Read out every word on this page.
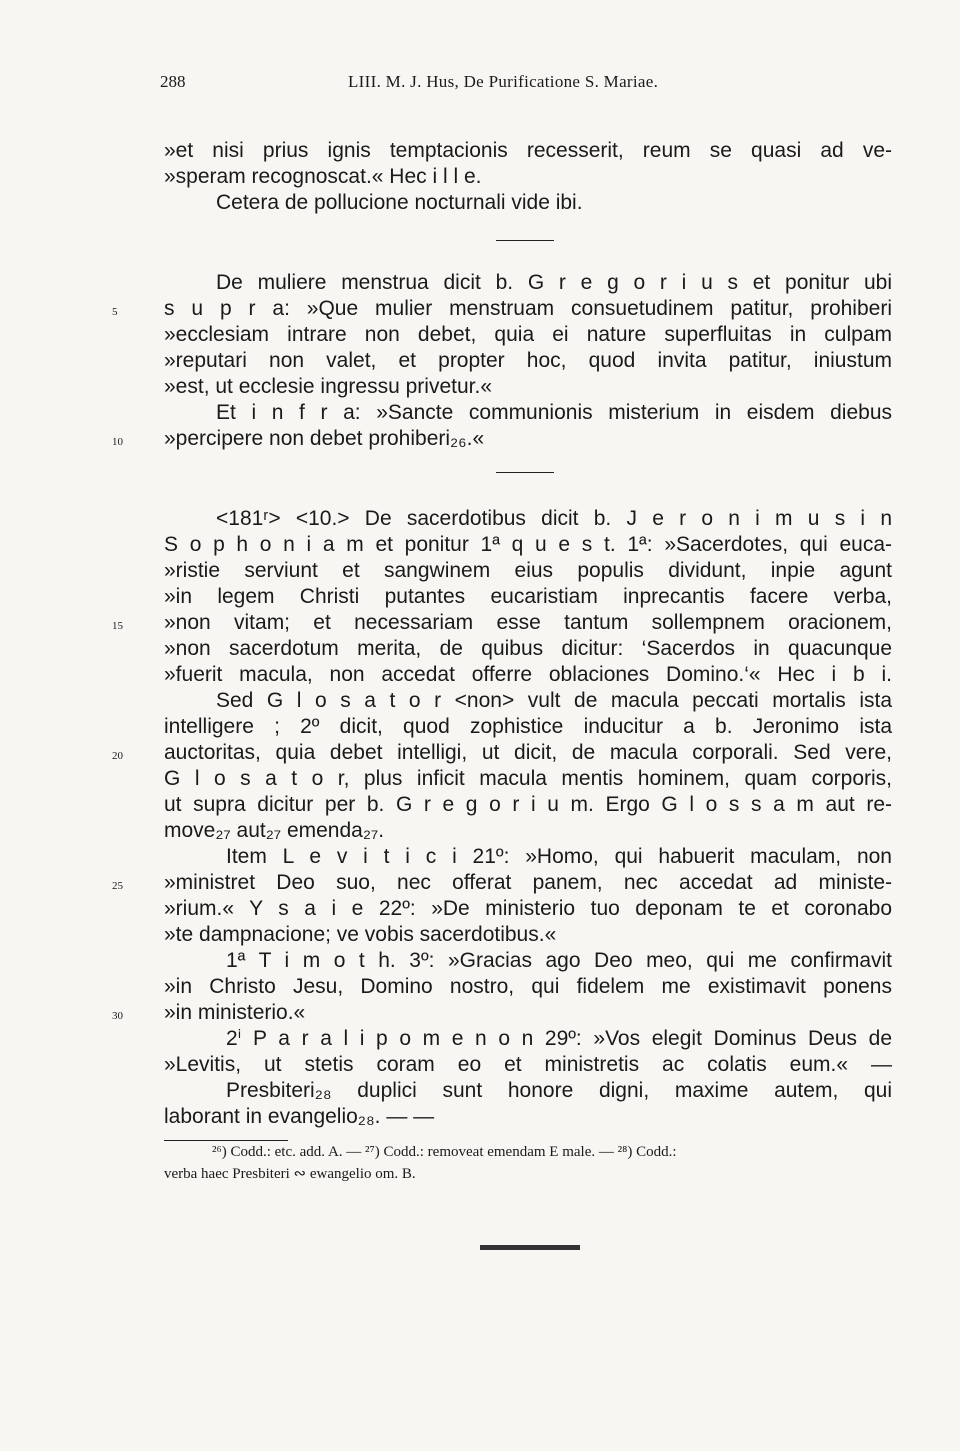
288	LIII. M. J. Hus, De Purificatione S. Mariae.
»et nisi prius ignis temptacionis recesserit, reum se quasi ad ve-
»speram recognoscat.« Hec i l l e.
Cetera de pollucione nocturnali vide ibi.
De muliere menstrua dicit b. G r e g o r i u s et ponitur ubi
5	s u p r a: »Que mulier menstruam consuetudinem patitur, prohiberi
»ecclesiam intrare non debet, quia ei nature superfluitas in culpam
»reputari non valet, et propter hoc, quod invita patitur, iniustum
»est, ut ecclesie ingressu privetur.«
Et i n f r a: »Sancte communionis misterium in eisdem diebus
10	»percipere non debet prohiberi₂₆.«
<181ʳ> <10.> De sacerdotibus dicit b. J e r o n i m u s i n
S o p h o n i a m et ponitur 1ª q u e s t. 1ª: »Sacerdotes, qui euca-
»ristie serviunt et sangwinem eius populis dividunt, inpie agunt
»in legem Christi putantes eucaristiam inprecantis facere verba,
15	»non vitam; et necessariam esse tantum sollempnem oracionem,
»non sacerdotum merita, de quibus dicitur: ‘Sacerdos in quacunque
»fuerit macula, non accedat offerre oblaciones Domino.‘« Hec i b i.
Sed G l o s a t o r <non> vult de macula peccati mortalis ista
intelligere ; 2º dicit, quod zophistice inducitur a b. Jeronimo ista
20	auctoritas, quia debet intelligi, ut dicit, de macula corporali. Sed vere,
G l o s a t o r, plus inficit macula mentis hominem, quam corporis,
ut supra dicitur per b. G r e g o r i u m. Ergo G l o s s a m aut re-
move₂₇ aut₂₇ emenda₂₇.
Item L e v i t i c i 21º: »Homo, qui habuerit maculam, non
25	»ministret Deo suo, nec offerat panem, nec accedat ad ministe-
»rium.« Y s a i e 22º: »De ministerio tuo deponam te et coronabo
»te dampnacione; ve vobis sacerdotibus.«
1ª T i m o t h. 3º: »Gracias ago Deo meo, qui me confirmavit
»in Christo Jesu, Domino nostro, qui fidelem me existimavit ponens
30	»in ministerio.«
2ⁱ P a r a l i p o m e n o n 29º: »Vos elegit Dominus Deus de
»Levitis, ut stetis coram eo et ministretis ac colatis eum.« —
Presbiteri₂₈ duplici sunt honore digni, maxime autem, qui
laborant in evangelio₂₈. — —
²⁶) Codd.: etc. add. A. — ²⁷) Codd.: removeat emendam E male. — ²⁸) Codd.:
verba haec Presbiteri ∾ ewangelio om. B.
